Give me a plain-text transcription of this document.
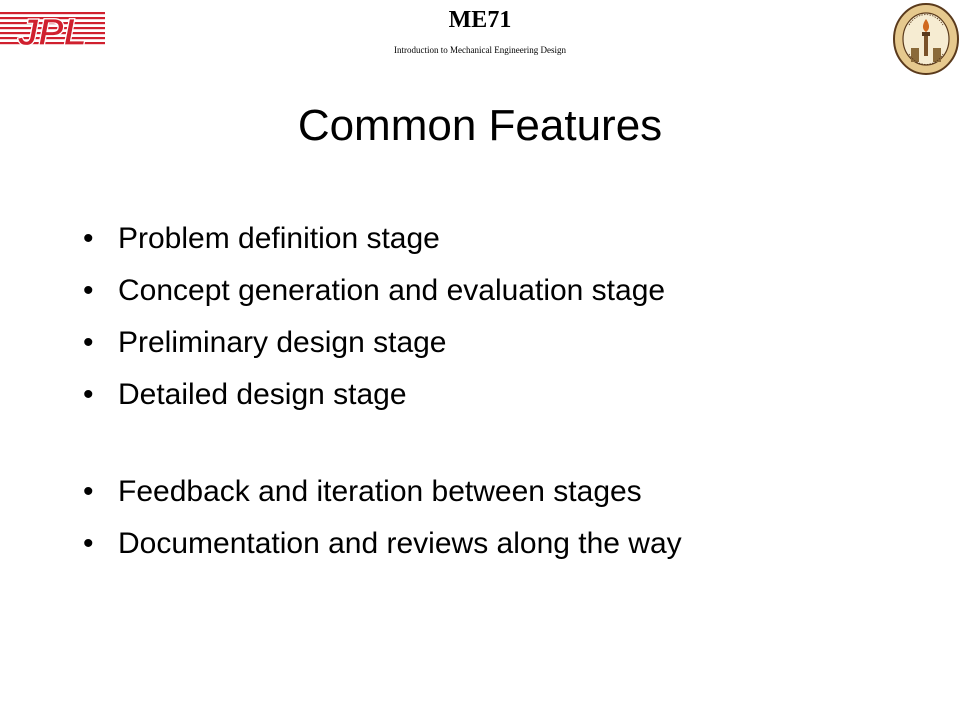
JPL	ME71
Introduction to Mechanical Engineering Design
Common Features
• Problem definition stage
• Concept generation and evaluation stage
• Preliminary design stage
• Detailed design stage
• Feedback and iteration between stages
• Documentation and reviews along the way
